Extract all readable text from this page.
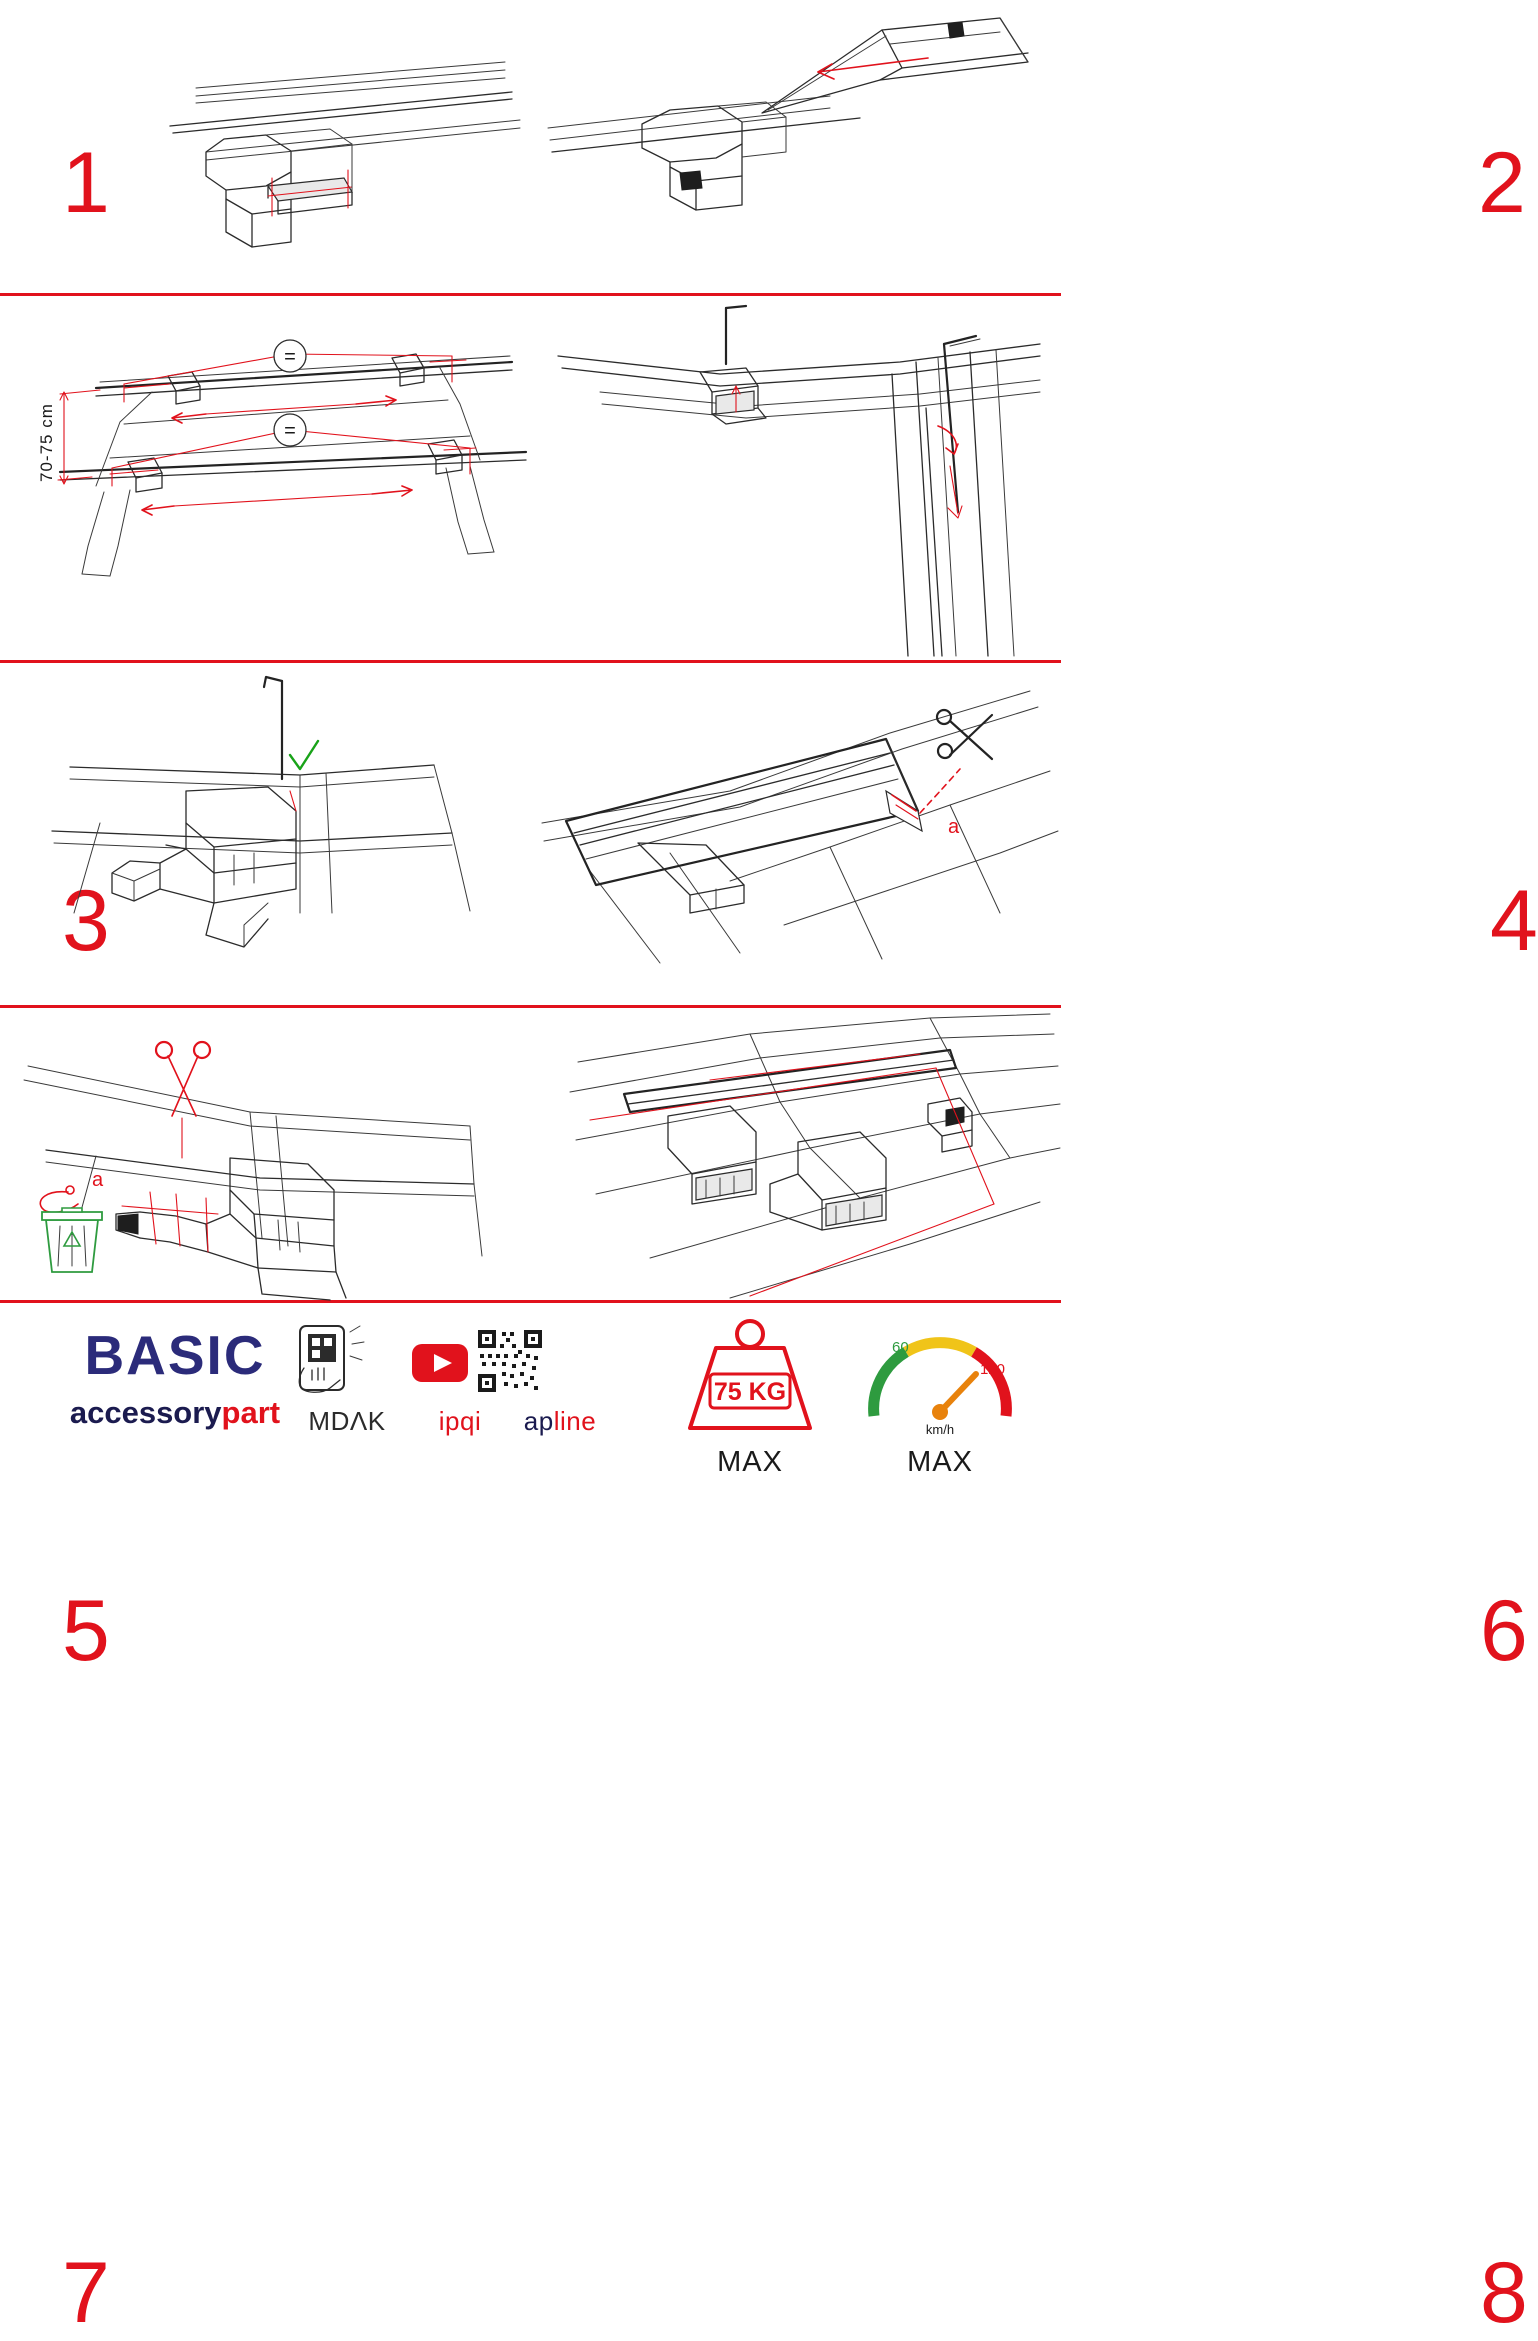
1	2
70-75 cm
=
=
3	4
5
a
6
a
7	8
BASIC
accessorypart	MDΛK	ipqi	apline
75 KG
MAX
60
120
km/h
MAX
